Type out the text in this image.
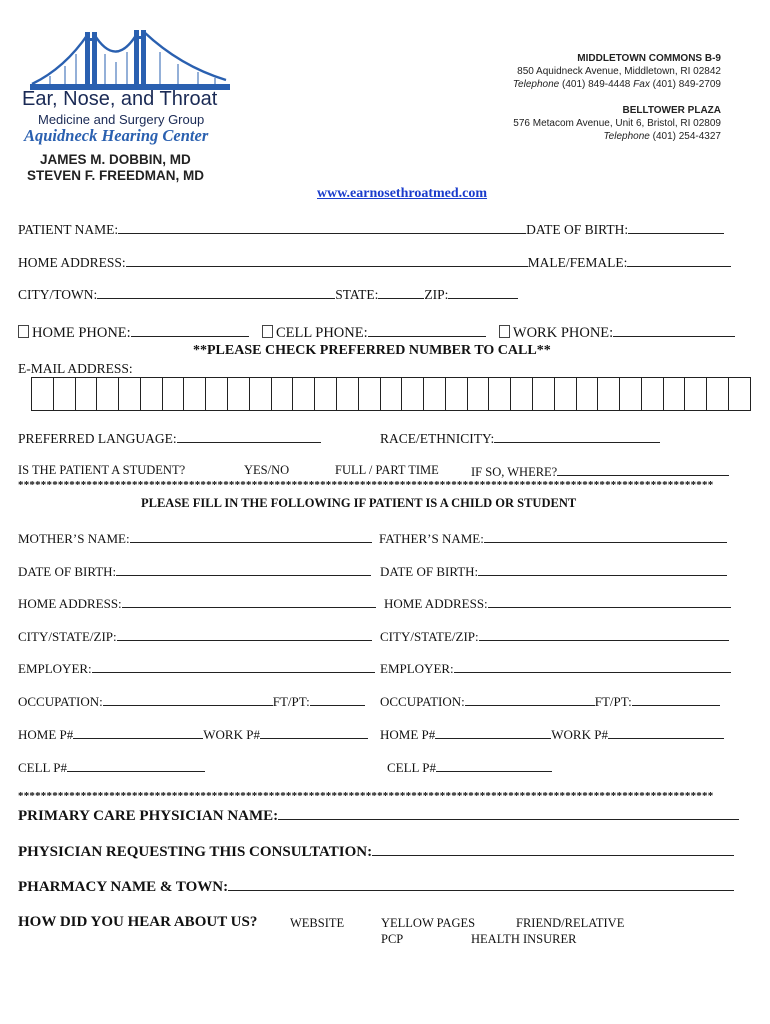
Ear, Nose, and Throat
Medicine and Surgery Group
Aquidneck Hearing Center
JAMES M. DOBBIN, MD
STEVEN F. FREEDMAN, MD
MIDDLETOWN COMMONS B-9
850 Aquidneck Avenue, Middletown, RI 02842
Telephone (401) 849-4448 Fax (401) 849-2709
BELLTOWER PLAZA
576 Metacom Avenue, Unit 6, Bristol, RI 02809
Telephone (401) 254-4327
www.earnosethroatmed.com
PATIENT NAME:	DATE OF BIRTH:
HOME ADDRESS:	MALE/FEMALE:
CITY/TOWN:	STATE:	ZIP:
HOME PHONE:	CELL PHONE:	WORK PHONE:
**PLEASE CHECK PREFERRED NUMBER TO CALL**
E-MAIL ADDRESS:
PREFERRED LANGUAGE:	RACE/ETHNICITY:
IS THE PATIENT A STUDENT?	YES/NO	FULL / PART TIME	IF SO, WHERE?
**************************************************************************************************************************
PLEASE FILL IN THE FOLLOWING IF PATIENT IS A CHILD OR STUDENT
MOTHER’S NAME:	FATHER’S NAME:
DATE OF BIRTH:	DATE OF BIRTH:
HOME ADDRESS:	HOME ADDRESS:
CITY/STATE/ZIP:	CITY/STATE/ZIP:
EMPLOYER:	EMPLOYER:
OCCUPATION:	FT/PT:	OCCUPATION:	FT/PT:
HOME P#	WORK P#	HOME P#	WORK P#
CELL P#	CELL P#
**************************************************************************************************************************
PRIMARY CARE PHYSICIAN NAME:
PHYSICIAN REQUESTING THIS CONSULTATION:
PHARMACY NAME & TOWN:
HOW DID YOU HEAR ABOUT US?	WEBSITE	YELLOW PAGES	FRIEND/RELATIVE
PCP	HEALTH INSURER
